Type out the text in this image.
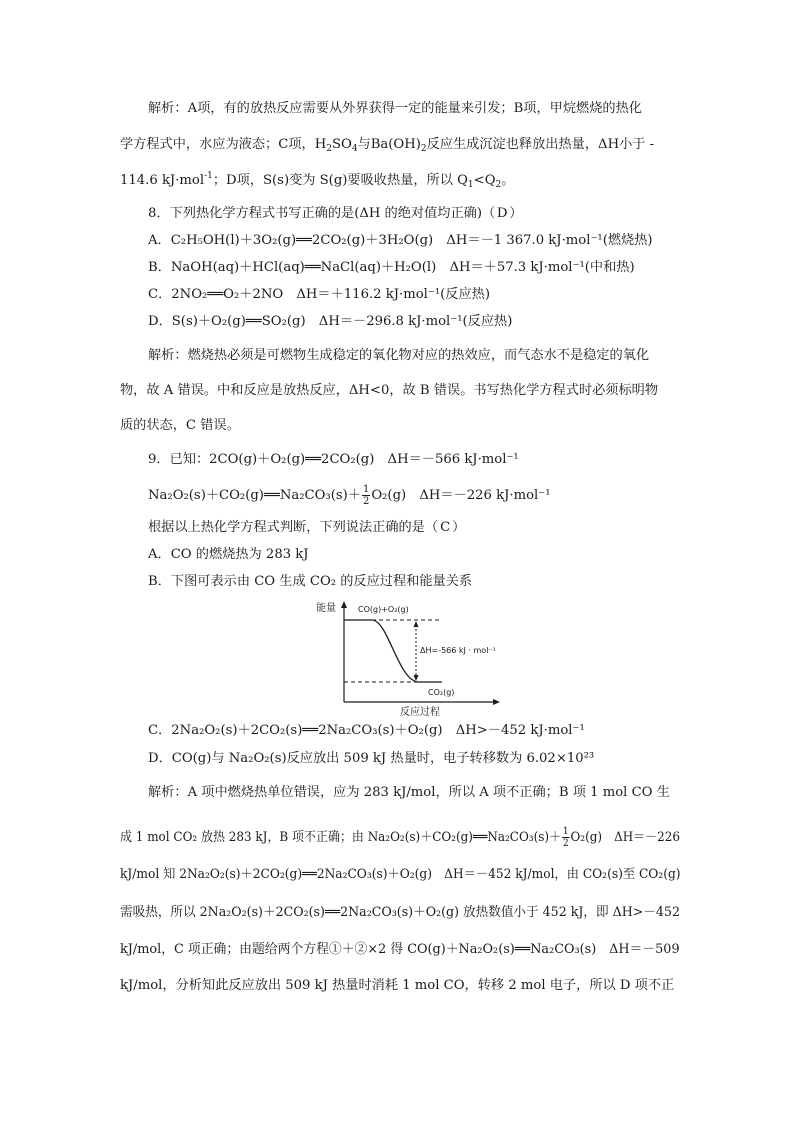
解析：A项，有的放热反应需要从外界获得一定的能量来引发；B项，甲烷燃烧的热化
学方程式中，水应为液态；C项，$H_2SO_4$与$Ba(OH)_2$反应生成沉淀也释放出热量，ΔH小于 -
114.6 kJ·mol$^{-1}$；D项，S(s)变为 S(g)要吸收热量，所以 $Q_1<Q_2$。
8．下列热化学方程式书写正确的是(ΔH 的绝对值均正确)（ D ）
A．C₂H₅OH(l)＋3O₂(g)══2CO₂(g)＋3H₂O(g)　ΔH＝－1 367.0 kJ·mol⁻¹(燃烧热)
B．NaOH(aq)＋HCl(aq)══NaCl(aq)＋H₂O(l)　ΔH＝＋57.3 kJ·mol⁻¹(中和热)
C．2NO₂══O₂＋2NO　ΔH＝＋116.2 kJ·mol⁻¹(反应热)
D．S(s)＋O₂(g)══SO₂(g)　ΔH＝－296.8 kJ·mol⁻¹(反应热)
解析：燃烧热必须是可燃物生成稳定的氧化物对应的热效应，而气态水不是稳定的氧化
物，故 A 错误。中和反应是放热反应，ΔH<0，故 B 错误。书写热化学方程式时必须标明物
质的状态，C 错误。
9．已知：2CO(g)＋O₂(g)══2CO₂(g)　ΔH＝－566 kJ·mol⁻¹
Na₂O₂(s)＋CO₂(g)══Na₂CO₃(s)＋ $\frac{1}{2} O_2(g)$　ΔH＝－226 kJ·mol⁻¹
根据以上热化学方程式判断，下列说法正确的是（ C ）
A．CO 的燃烧热为 283 kJ
B．下图可表示由 CO 生成 CO₂ 的反应过程和能量关系
能量	CO(g)+O₂(g)
ΔH=-566 kJ · mol⁻¹
CO₂(g)
反应过程
C．2Na₂O₂(s)＋2CO₂(s)══2Na₂CO₃(s)＋O₂(g)　ΔH>－452 kJ·mol⁻¹
D．CO(g)与 Na₂O₂(s)反应放出 509 kJ 热量时，电子转移数为 6.02×10²³
解析：A 项中燃烧热单位错误，应为 283 kJ/mol，所以 A 项不正确；B 项 1 mol CO 生
成 1 mol CO₂ 放热 283 kJ，B 项不正确；由 Na₂O₂(s)＋CO₂(g)══Na₂CO₃(s)＋ $\frac{1}{2} O_2(g)$　ΔH＝－226
kJ/mol 知 2Na₂O₂(s)＋2CO₂(g)══2Na₂CO₃(s)＋O₂(g)　ΔH＝－452 kJ/mol，由 CO₂(s)至 CO₂(g)
需吸热，所以 2Na₂O₂(s)＋2CO₂(s)══2Na₂CO₃(s)＋O₂(g) 放热数值小于 452 kJ，即 ΔH>－452
kJ/mol，C 项正确；由题给两个方程①＋②×2 得 CO(g)＋Na₂O₂(s)══Na₂CO₃(s)　ΔH＝－509
kJ/mol，分析知此反应放出 509 kJ 热量时消耗 1 mol CO，转移 2 mol 电子，所以 D 项不正
